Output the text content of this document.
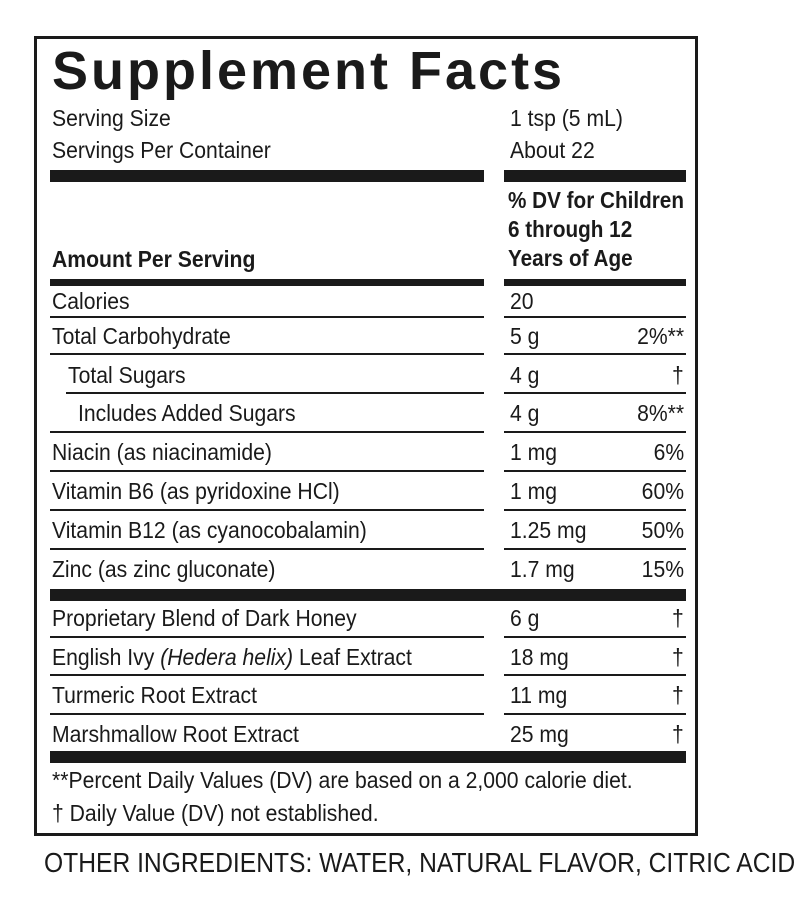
Supplement Facts
Serving Size	1 tsp (5 mL)
Servings Per Container	About 22
% DV for Children
6 through 12
Years of Age
Amount Per Serving
Calories	20
Total Carbohydrate	5 g	2%**
Total Sugars	4 g	†
Includes Added Sugars	4 g	8%**
Niacin (as niacinamide)	1 mg	6%
Vitamin B6 (as pyridoxine HCl)	1 mg	60%
Vitamin B12 (as cyanocobalamin)	1.25 mg 50%
Zinc (as zinc gluconate)	1.7 mg	15%
Proprietary Blend of Dark Honey	6 g	†
English Ivy (Hedera helix) Leaf Extract	18 mg	†
Turmeric Root Extract	11 mg	†
Marshmallow Root Extract	25 mg	†
**Percent Daily Values (DV) are based on a 2,000 calorie diet.
† Daily Value (DV) not established.
OTHER INGREDIENTS: WATER, NATURAL FLAVOR, CITRIC ACID
